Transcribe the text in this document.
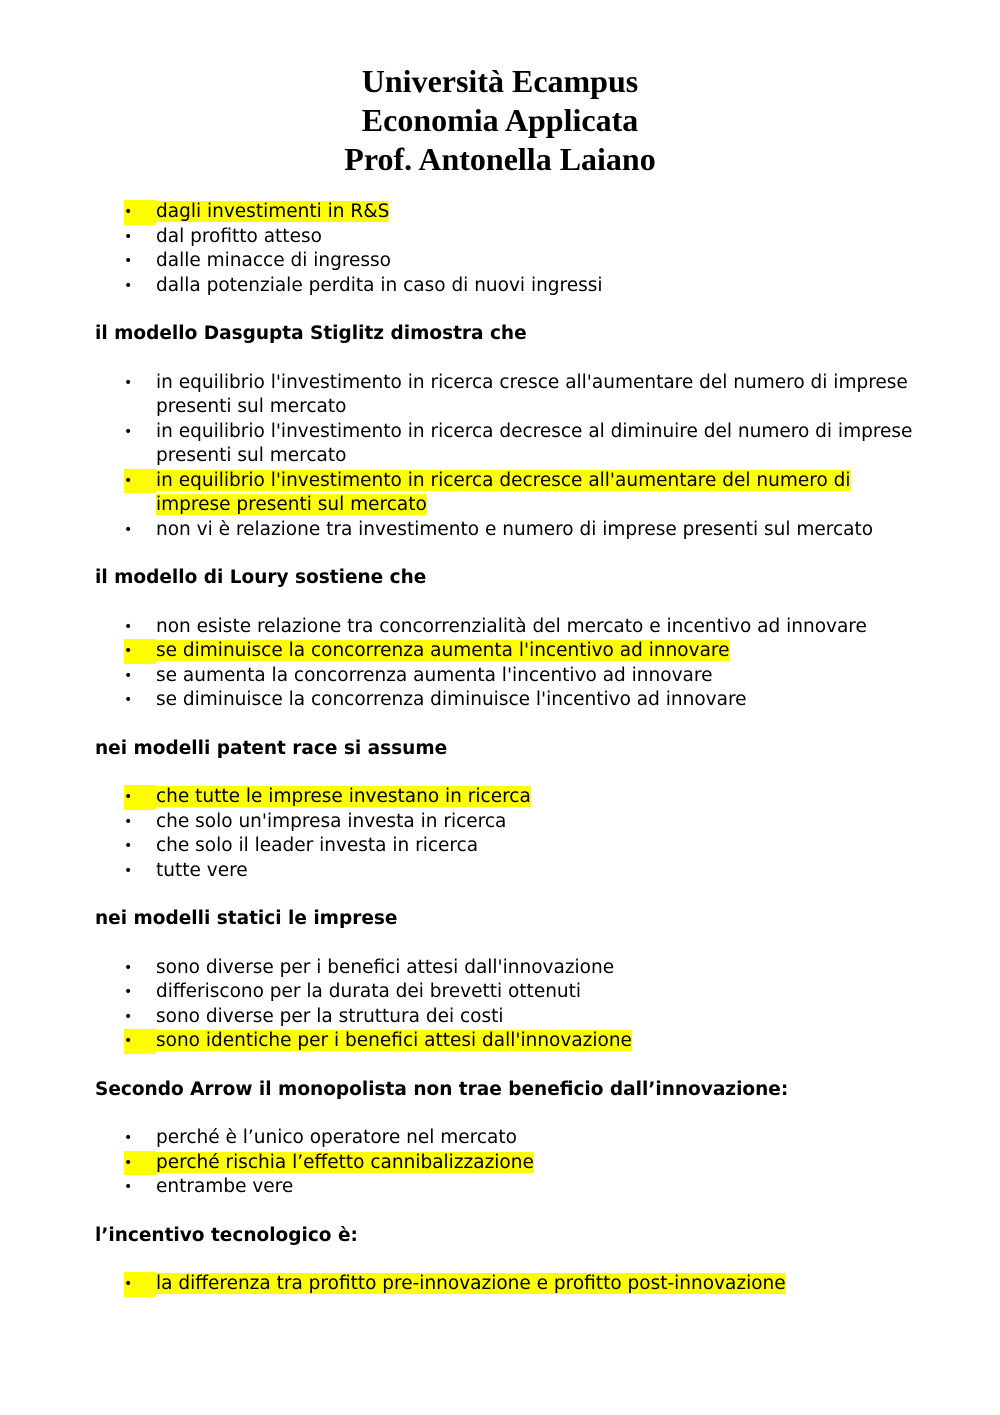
Università Ecampus
Economia Applicata
Prof. Antonella Laiano
•	dagli investimenti in R&S
•	dal profitto atteso
•	dalle minacce di ingresso
•	dalla potenziale perdita in caso di nuovi ingressi

il modello Dasgupta Stiglitz dimostra che

•	in equilibrio l'investimento in ricerca cresce all'aumentare del numero di imprese presenti sul mercato
•	in equilibrio l'investimento in ricerca decresce al diminuire del numero di imprese presenti sul mercato
•	in equilibrio l'investimento in ricerca decresce all'aumentare del numero di imprese presenti sul mercato
•	non vi è relazione tra investimento e numero di imprese presenti sul mercato

il modello di Loury sostiene che

•	non esiste relazione tra concorrenzialità del mercato e incentivo ad innovare
•	se diminuisce la concorrenza aumenta l'incentivo ad innovare
•	se aumenta la concorrenza aumenta l'incentivo ad innovare
•	se diminuisce la concorrenza diminuisce l'incentivo ad innovare

nei modelli patent race si assume

•	che tutte le imprese investano in ricerca
•	che solo un'impresa investa in ricerca
•	che solo il leader investa in ricerca
•	tutte vere

nei modelli statici le imprese

•	sono diverse per i benefici attesi dall'innovazione
•	differiscono per la durata dei brevetti ottenuti
•	sono diverse per la struttura dei costi
•	sono identiche per i benefici attesi dall'innovazione

Secondo Arrow il monopolista non trae beneficio dall’innovazione:

•	perché è l’unico operatore nel mercato
•	perché rischia l’effetto cannibalizzazione
•	entrambe vere

l’incentivo tecnologico è:

•	la differenza tra profitto pre-innovazione e profitto post-innovazione
